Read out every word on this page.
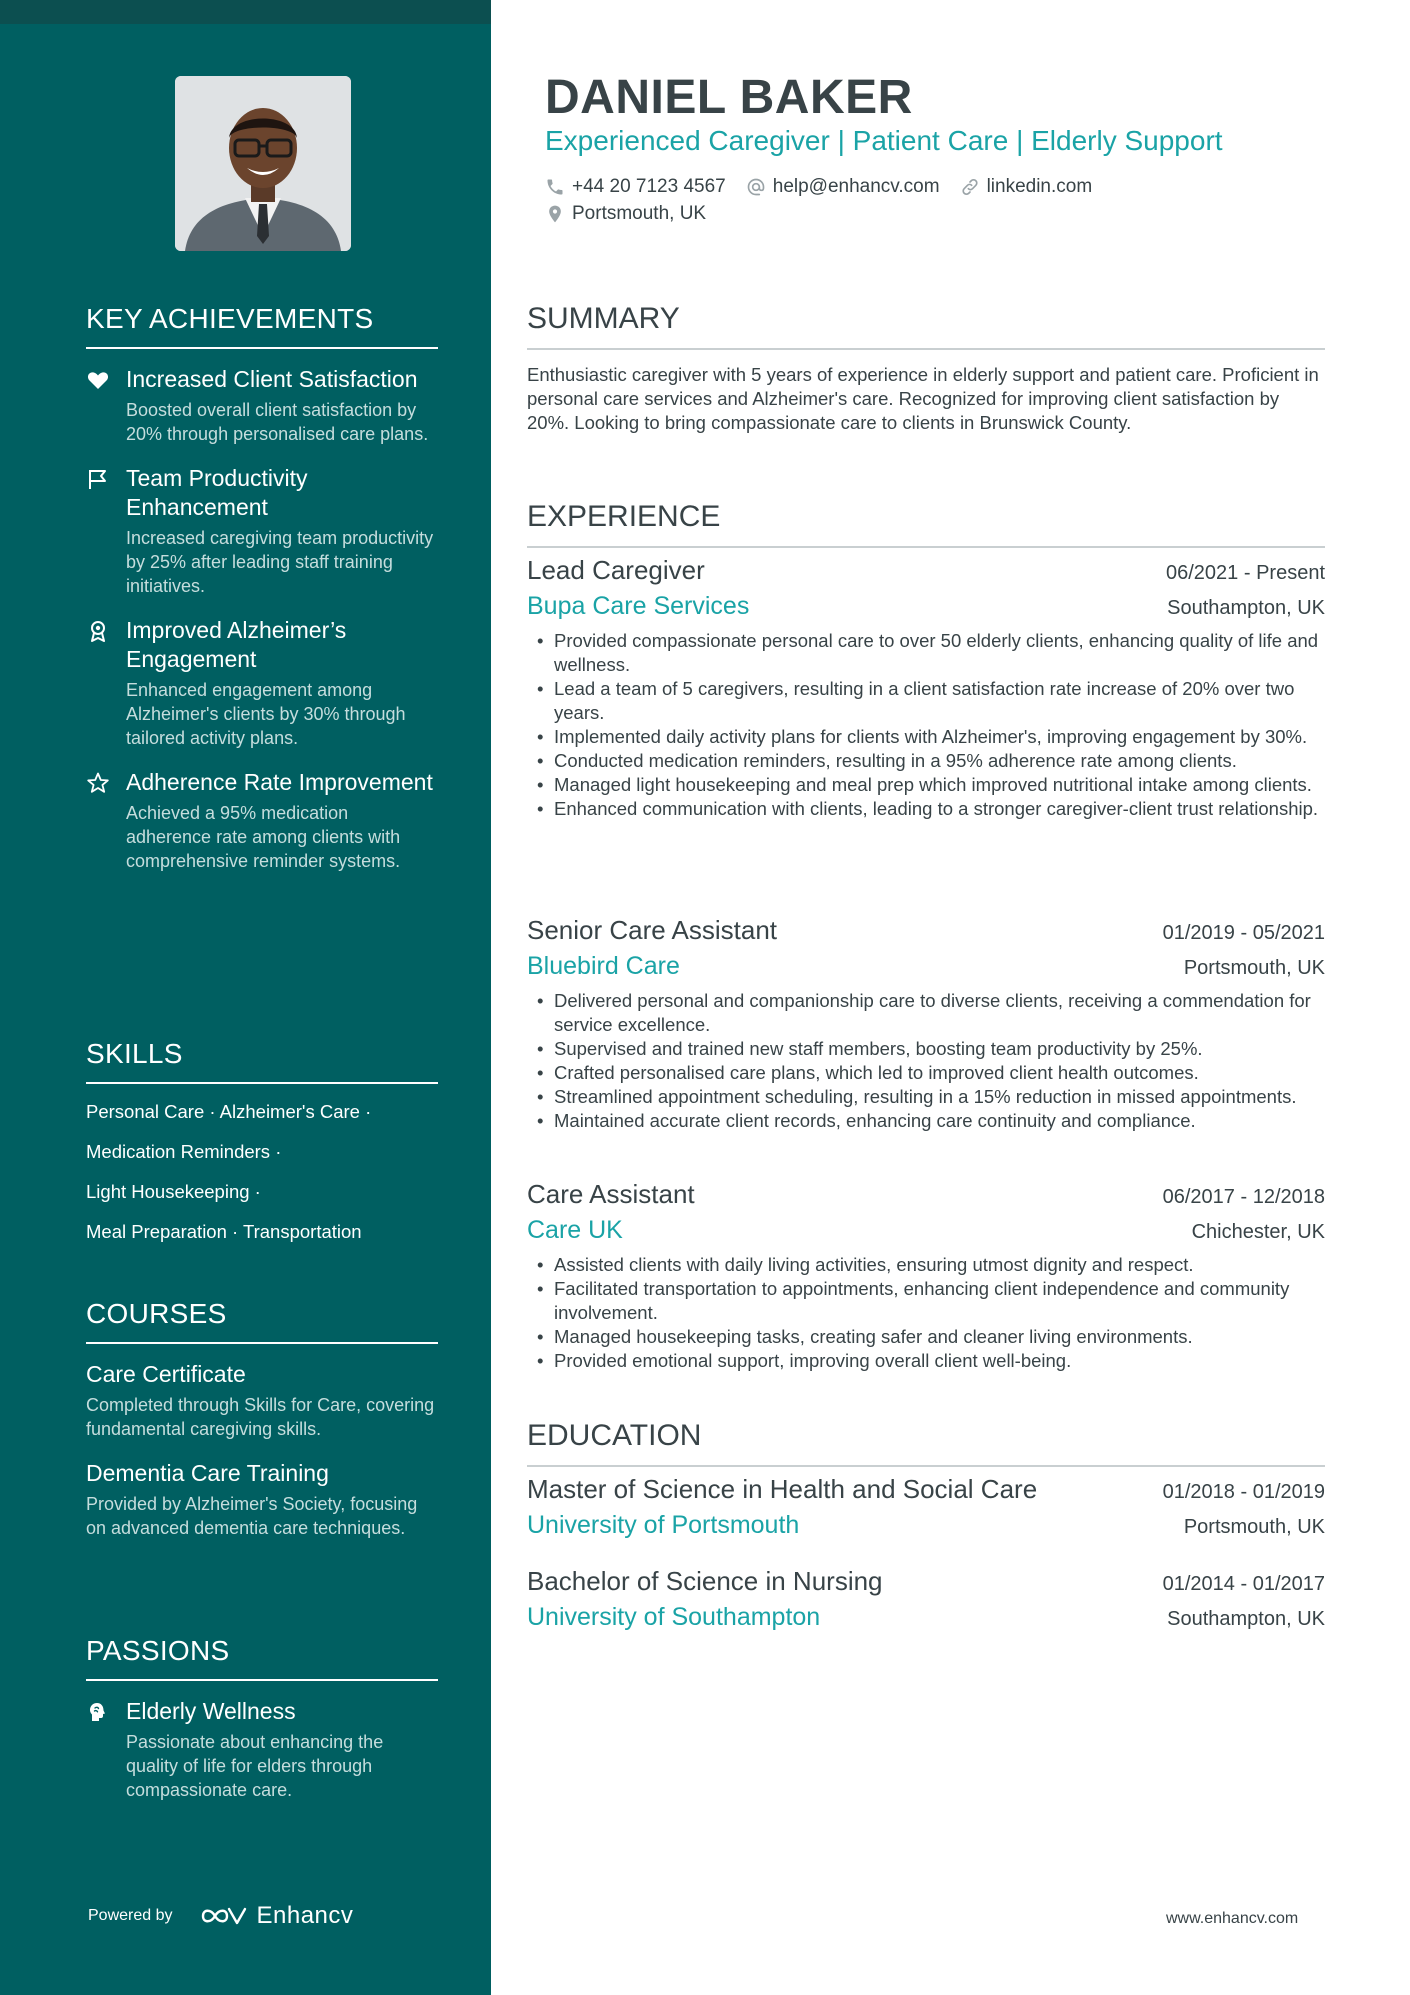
KEY ACHIEVEMENTS
Increased Client Satisfaction
Boosted overall client satisfaction by 20% through personalised care plans.
Team Productivity Enhancement
Increased caregiving team productivity by 25% after leading staff training initiatives.
Improved Alzheimer’s Engagement
Enhanced engagement among Alzheimer's clients by 30% through tailored activity plans.
Adherence Rate Improvement
Achieved a 95% medication adherence rate among clients with comprehensive reminder systems.
SKILLS
Personal Care · Alzheimer's Care ·
Medication Reminders ·
Light Housekeeping ·
Meal Preparation · Transportation
COURSES
Care Certificate
Completed through Skills for Care, covering fundamental caregiving skills.
Dementia Care Training
Provided by Alzheimer's Society, focusing on advanced dementia care techniques.
PASSIONS
Elderly Wellness
Passionate about enhancing the quality of life for elders through compassionate care.
Powered by	Enhancv
DANIEL BAKER
Experienced Caregiver | Patient Care | Elderly Support
+44 20 7123 4567 help@enhancv.com linkedin.com
Portsmouth, UK
SUMMARY
Enthusiastic caregiver with 5 years of experience in elderly support and patient care. Proficient in personal care services and Alzheimer's care. Recognized for improving client satisfaction by 20%. Looking to bring compassionate care to clients in Brunswick County.
EXPERIENCE
Lead Caregiver	06/2021 - Present
Bupa Care Services	Southampton, UK
• Provided compassionate personal care to over 50 elderly clients, enhancing quality of life and wellness.
• Lead a team of 5 caregivers, resulting in a client satisfaction rate increase of 20% over two years.
• Implemented daily activity plans for clients with Alzheimer's, improving engagement by 30%.
• Conducted medication reminders, resulting in a 95% adherence rate among clients.
• Managed light housekeeping and meal prep which improved nutritional intake among clients.
• Enhanced communication with clients, leading to a stronger caregiver-client trust relationship.
Senior Care Assistant	01/2019 - 05/2021
Bluebird Care	Portsmouth, UK
• Delivered personal and companionship care to diverse clients, receiving a commendation for service excellence.
• Supervised and trained new staff members, boosting team productivity by 25%.
• Crafted personalised care plans, which led to improved client health outcomes.
• Streamlined appointment scheduling, resulting in a 15% reduction in missed appointments.
• Maintained accurate client records, enhancing care continuity and compliance.
Care Assistant	06/2017 - 12/2018
Care UK	Chichester, UK
• Assisted clients with daily living activities, ensuring utmost dignity and respect.
• Facilitated transportation to appointments, enhancing client independence and community involvement.
• Managed housekeeping tasks, creating safer and cleaner living environments.
• Provided emotional support, improving overall client well-being.
EDUCATION
Master of Science in Health and Social Care	01/2018 - 01/2019
University of Portsmouth	Portsmouth, UK
Bachelor of Science in Nursing	01/2014 - 01/2017
University of Southampton	Southampton, UK
www.enhancv.com
